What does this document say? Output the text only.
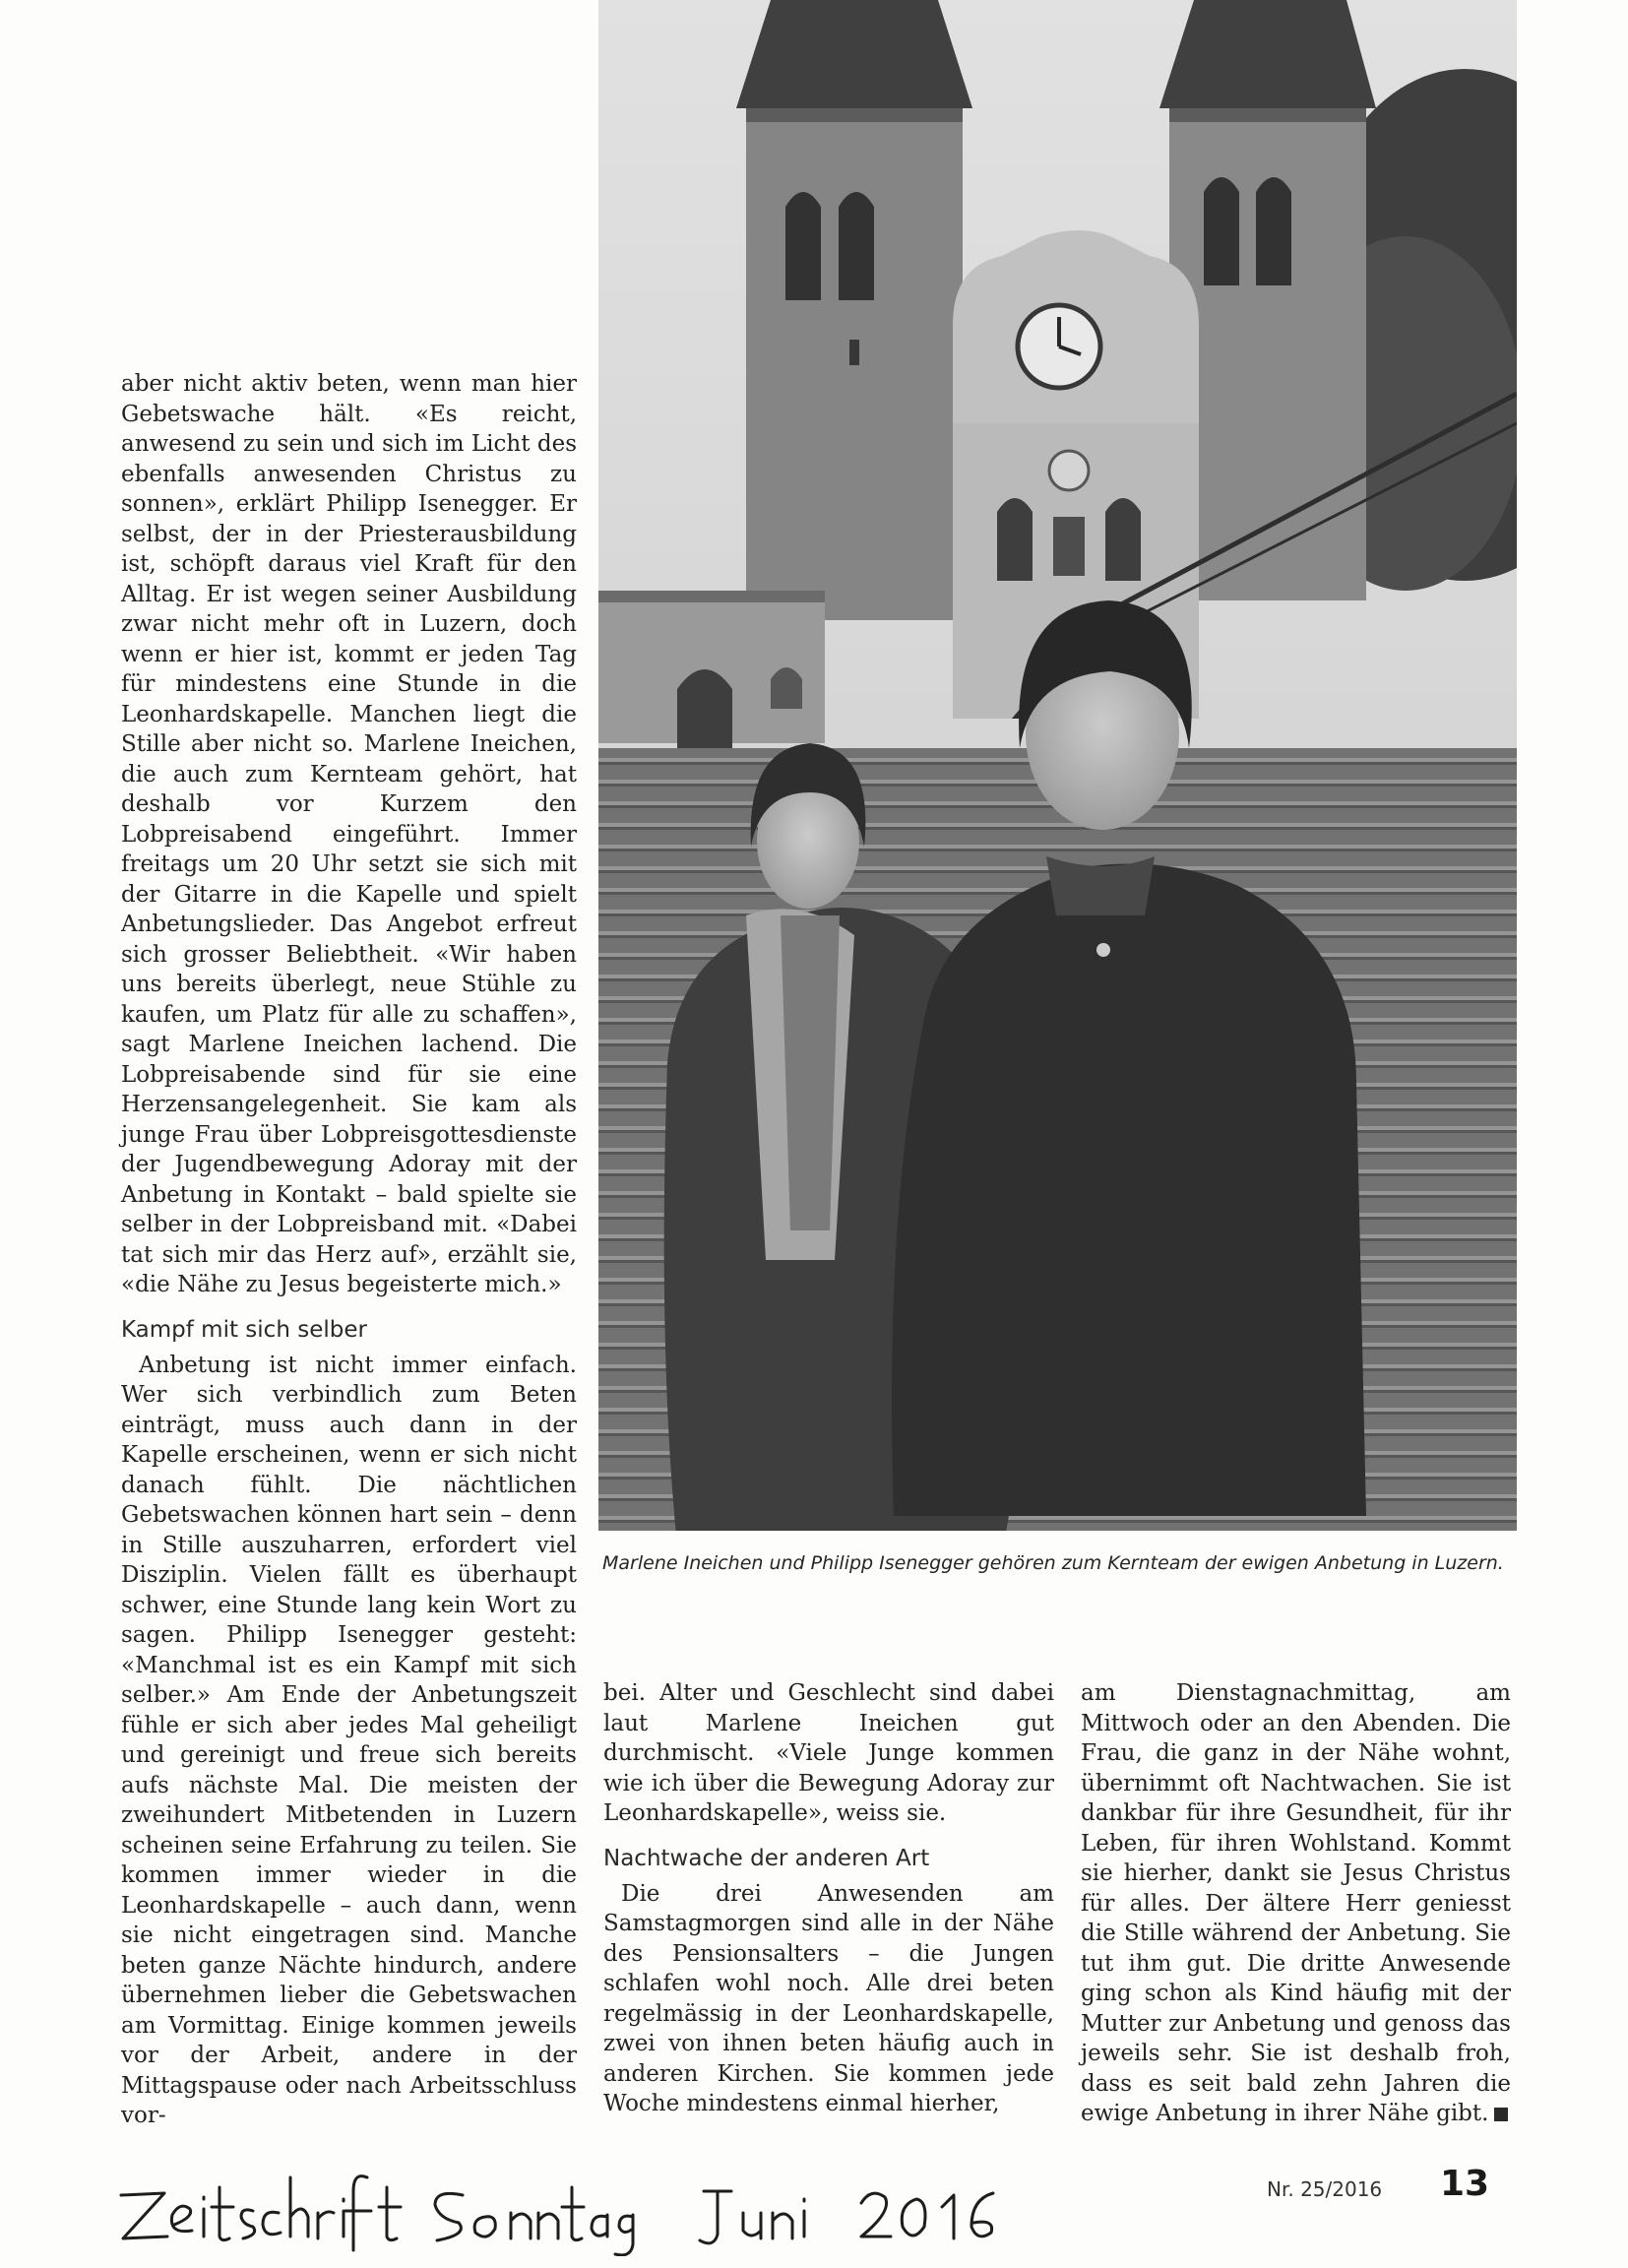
aber nicht aktiv beten, wenn man hier Gebetswache hält. «Es reicht, anwesend zu sein und sich im Licht des ebenfalls anwesenden Christus zu sonnen», erklärt Philipp Isenegger. Er selbst, der in der Priesterausbildung ist, schöpft daraus viel Kraft für den Alltag. Er ist wegen seiner Ausbildung zwar nicht mehr oft in Luzern, doch wenn er hier ist, kommt er jeden Tag für mindestens eine Stunde in die Leonhardskapelle. Manchen liegt die Stille aber nicht so. Marlene Ineichen, die auch zum Kernteam gehört, hat deshalb vor Kurzem den Lobpreisabend eingeführt. Immer freitags um 20 Uhr setzt sie sich mit der Gitarre in die Kapelle und spielt Anbetungslieder. Das Angebot erfreut sich grosser Beliebtheit. «Wir haben uns bereits überlegt, neue Stühle zu kaufen, um Platz für alle zu schaffen», sagt Marlene Ineichen lachend. Die Lobpreisabende sind für sie eine Herzensangelegenheit. Sie kam als junge Frau über Lobpreisgottesdienste der Jugendbewegung Adoray mit der Anbetung in Kontakt – bald spielte sie selber in der Lobpreisband mit. «Dabei tat sich mir das Herz auf», erzählt sie, «die Nähe zu Jesus begeisterte mich.»

Kampf mit sich selber

Anbetung ist nicht immer einfach. Wer sich verbindlich zum Beten einträgt, muss auch dann in der Kapelle erscheinen, wenn er sich nicht danach fühlt. Die nächtlichen Gebetswachen können hart sein – denn in Stille auszuharren, erfordert viel Disziplin. Vielen fällt es überhaupt schwer, eine Stunde lang kein Wort zu sagen. Philipp Isenegger gesteht: «Manchmal ist es ein Kampf mit sich selber.» Am Ende der Anbetungszeit fühle er sich aber jedes Mal geheiligt und gereinigt und freue sich bereits aufs nächste Mal. Die meisten der zweihundert Mitbetenden in Luzern scheinen seine Erfahrung zu teilen. Sie kommen immer wieder in die Leonhardskapelle – auch dann, wenn sie nicht eingetragen sind. Manche beten ganze Nächte hindurch, andere übernehmen lieber die Gebetswachen am Vormittag. Einige kommen jeweils vor der Arbeit, andere in der Mittagspause oder nach Arbeitsschluss vor-

Marlene Ineichen und Philipp Isenegger gehören zum Kernteam der ewigen Anbetung in Luzern.

bei. Alter und Geschlecht sind dabei laut Marlene Ineichen gut durchmischt. «Viele Junge kommen wie ich über die Bewegung Adoray zur Leonhardskapelle», weiss sie.

Nachtwache der anderen Art

Die drei Anwesenden am Samstagmorgen sind alle in der Nähe des Pensionsalters – die Jungen schlafen wohl noch. Alle drei beten regelmässig in der Leonhardskapelle, zwei von ihnen beten häufig auch in anderen Kirchen. Sie kommen jede Woche mindestens einmal hierher,

am Dienstagnachmittag, am Mittwoch oder an den Abenden. Die Frau, die ganz in der Nähe wohnt, übernimmt oft Nachtwachen. Sie ist dankbar für ihre Gesundheit, für ihr Leben, für ihren Wohlstand. Kommt sie hierher, dankt sie Jesus Christus für alles. Der ältere Herr geniesst die Stille während der Anbetung. Sie tut ihm gut. Die dritte Anwesende ging schon als Kind häufig mit der Mutter zur Anbetung und genoss das jeweils sehr. Sie ist deshalb froh, dass es seit bald zehn Jahren die ewige Anbetung in ihrer Nähe gibt.

Nr. 25/2016 13
